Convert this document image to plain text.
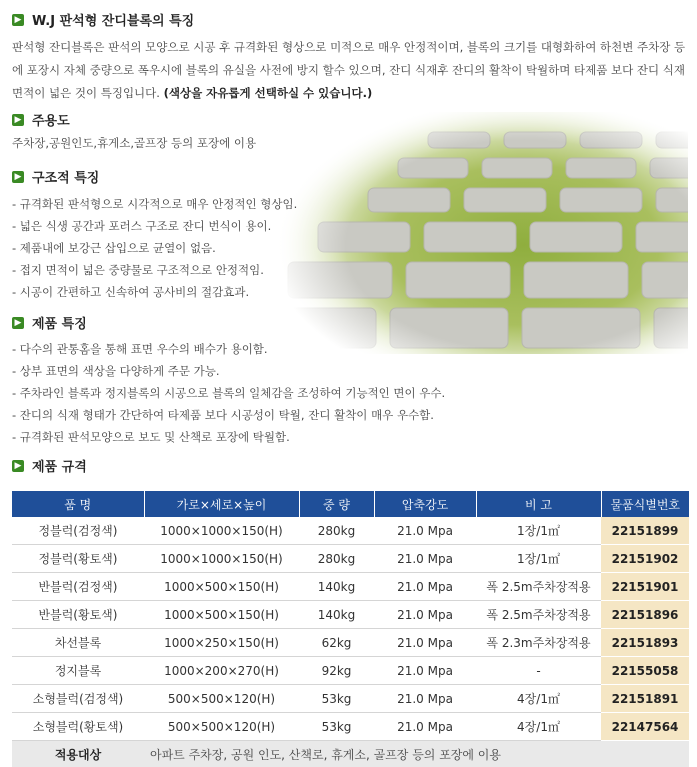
▶ W.J 판석형 잔디블록의 특징
판석형 잔디블록은 판석의 모양으로 시공 후 규격화된 형상으로 미적으로 매우 안정적이며, 블록의 크기를 대형화하여 하천변 주차장 등에 포장시 자체 중량으로 폭우시에 블록의 유실을 사전에 방지 할수 있으며, 잔디 식재후 잔디의 활착이 탁월하며 타제품 보다 잔디 식재면적이 넓은 것이 특징입니다. (색상을 자유롭게 선택하실 수 있습니다.)
▶ 주용도
주차장,공원인도,휴게소,골프장 등의 포장에 이용
▶ 구조적 특징
- 규격화된 판석형으로 시각적으로 매우 안정적인 형상임.
- 넓은 식생 공간과 포러스 구조로 잔디 번식이 용이.
- 제품내에 보강근 삽입으로 균열이 없음.
- 접지 면적이 넓은 중량물로 구조적으로 안정적임.
- 시공이 간편하고 신속하여 공사비의 절감효과.
▶ 제품 특징
- 다수의 관통홈을 통해 표면 우수의 배수가 용이함.
- 상부 표면의 색상을 다양하게 주문 가능.
- 주차라인 블록과 정지블록의 시공으로 블록의 일체감을 조성하여 기능적인 면이 우수.
- 잔디의 식재 형태가 간단하여 타제품 보다 시공성이 탁월, 잔디 활착이 매우 우수함.
- 규격화된 판석모양으로 보도 및 산책로 포장에 탁월함.
▶ 제품 규격
품 명	가로×세로×높이	중 량	압축강도	비 고	물품식별번호
정블럭(검정색)	1000×1000×150(H)	280kg	21.0 Mpa	1장/1㎡	22151899
정블럭(황토색)	1000×1000×150(H)	280kg	21.0 Mpa	1장/1㎡	22151902
반블럭(검정색)	1000×500×150(H)	140kg	21.0 Mpa	폭 2.5m주차장적용	22151901
반블럭(황토색)	1000×500×150(H)	140kg	21.0 Mpa	폭 2.5m주차장적용	22151896
차선블록	1000×250×150(H)	62kg	21.0 Mpa	폭 2.3m주차장적용	22151893
정지블록	1000×200×270(H)	92kg	21.0 Mpa	-	22155058
소형블럭(검정색)	500×500×120(H)	53kg	21.0 Mpa	4장/1㎡	22151891
소형블럭(황토색)	500×500×120(H)	53kg	21.0 Mpa	4장/1㎡	22147564
적용대상	아파트 주차장, 공원 인도, 산책로, 휴게소, 골프장 등의 포장에 이용				
